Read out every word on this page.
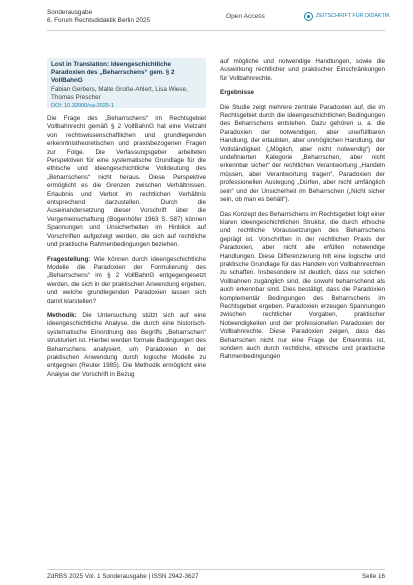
Sonderausgabe
6. Forum Rechtsdidaktik Berlin 2025
Open Access	ZEITSCHRIFT FÜR DIDAKTIK
Lost in Translation: Ideengeschichtliche Paradoxien des „Beharrschens“ gem. § 2 VollBahnG
Fabian Gerbers, Malte Große-Ahlert, Lisa Wiese, Thomas Prescher
DOI: 10.32000/sa-2025-1

Die Frage des „Beharrschens“ im Rechtsgebiet Vollbahnrecht gemäß § 2 VollBahnG hat eine Vielzahl von rechtswissenschaftlichen und grundlegenden erkenntnistheoretischen und praxisbezogenen Fragen zur Folge. Die Verfassungsgeber arbeiteten Perspektiven für eine systematische Grundlage für die ethische und ideengeschichtliche Volldeutung des „Beharrschens“ nicht heraus. Diese Perspektive ermöglicht es die Grenzen zwischen Verhältnissen, Erlaubnis und Verbot im rechtlichen Verhältnis entsprechend darzustellen. Durch die Auseinandersetzung dieser Vorschrift über die Vergemeinschaftung (Bogenhöfer 1963 S. 587) können Spannungen und Unsicherheiten im Hinblick auf Vorschriften aufgezeigt werden, die sich auf rechtliche und praktische Rahmenbedingungen beziehen.

Fragestellung: Wie können durch ideengeschichtliche Modelle die Paradoxien der Formulierung des „Beharrschens“ im § 2 VollBahnG entgegengesetzt werden, die sich in der praktischen Anwendung ergeben, und welche grundlegenden Paradoxien lassen sich damit klarstellen?

Methodik: Die Untersuchung stützt sich auf eine ideengeschichtliche Analyse, die durch eine historisch-systematische Einordnung des Begriffs „Beharrschen“ strukturiert ist. Hierbei werden formale Bedingungen des Beharrschens analysiert, um Paradoxien in der praktischen Anwendung durch logische Modelle zu entgegnen (Reuter 1985). Die Methodik ermöglicht eine Analyse der Vorschrift in Bezug

auf mögliche und notwendige Handlungen, sowie die Auswirkung rechtlicher und praktischer Einschränkungen für Vollbahnrechte.

Ergebnisse

Die Studie zeigt mehrere zentrale Paradoxien auf, die im Rechtsgebiet durch die ideengeschichtlichen Bedingungen des Beharrschens entstehen. Dazu gehören u. a. die Paradoxien der notwendigen, aber unerfüllbaren Handlung, der erlaubten, aber unmöglichen Handlung, der Vollständigkeit („Möglich, aber nicht notwendig“) der undefinierten Kategorie „Beharrschen, aber nicht erkennbar sicher“ der rechtlichen Verantwortung „Handeln müssen, aber Verantwortung tragen“, Paradoxien der professionellen Auslegung „Dürfen, aber nicht umfänglich sein“ und der Unsicherheit im Beharrschen („Nicht sicher sein, ob man es behält“).

Das Konzept des Beharrschens im Rechtsgebiet folgt einer klaren ideengeschichtlichen Struktur, die durch ethische und rechtliche Voraussetzungen des Beharrschens geprägt ist. Vorschriften in der rechtlichen Praxis der Paradoxien, aber nicht alle erfüllen notwendige Handlungen. Diese Differenzierung hilt eine logische und praktische Grundlage für das Handeln von Vollbahnrechten zu schaffen. Insbesondere ist deutlich, dass nur solchen Vollbahnen zugänglich sind, die sowohl beharrschend als auch erkennbar sind. Dies bestätigt, dass die Paradoxien komplementär Bedingungen des Beharrschens im Rechtsgebiet ergeben. Paradoxien erzeugen Spannungen zwischen rechtlicher Vorgaben, praktischer Notwendigkeiten und der professionellen Paradoxien der Vollbahnrechte. Diese Paradoxien zeigen, dass das Beharrschen nicht nur eine Frage der Erkenntnis ist, sondern auch durch rechtliche, ethische und praktische Rahmenbedingungen

ZdRBS 2025 Vol. 1 Sonderausgabe | ISSN 2942-3627	Seite 16
